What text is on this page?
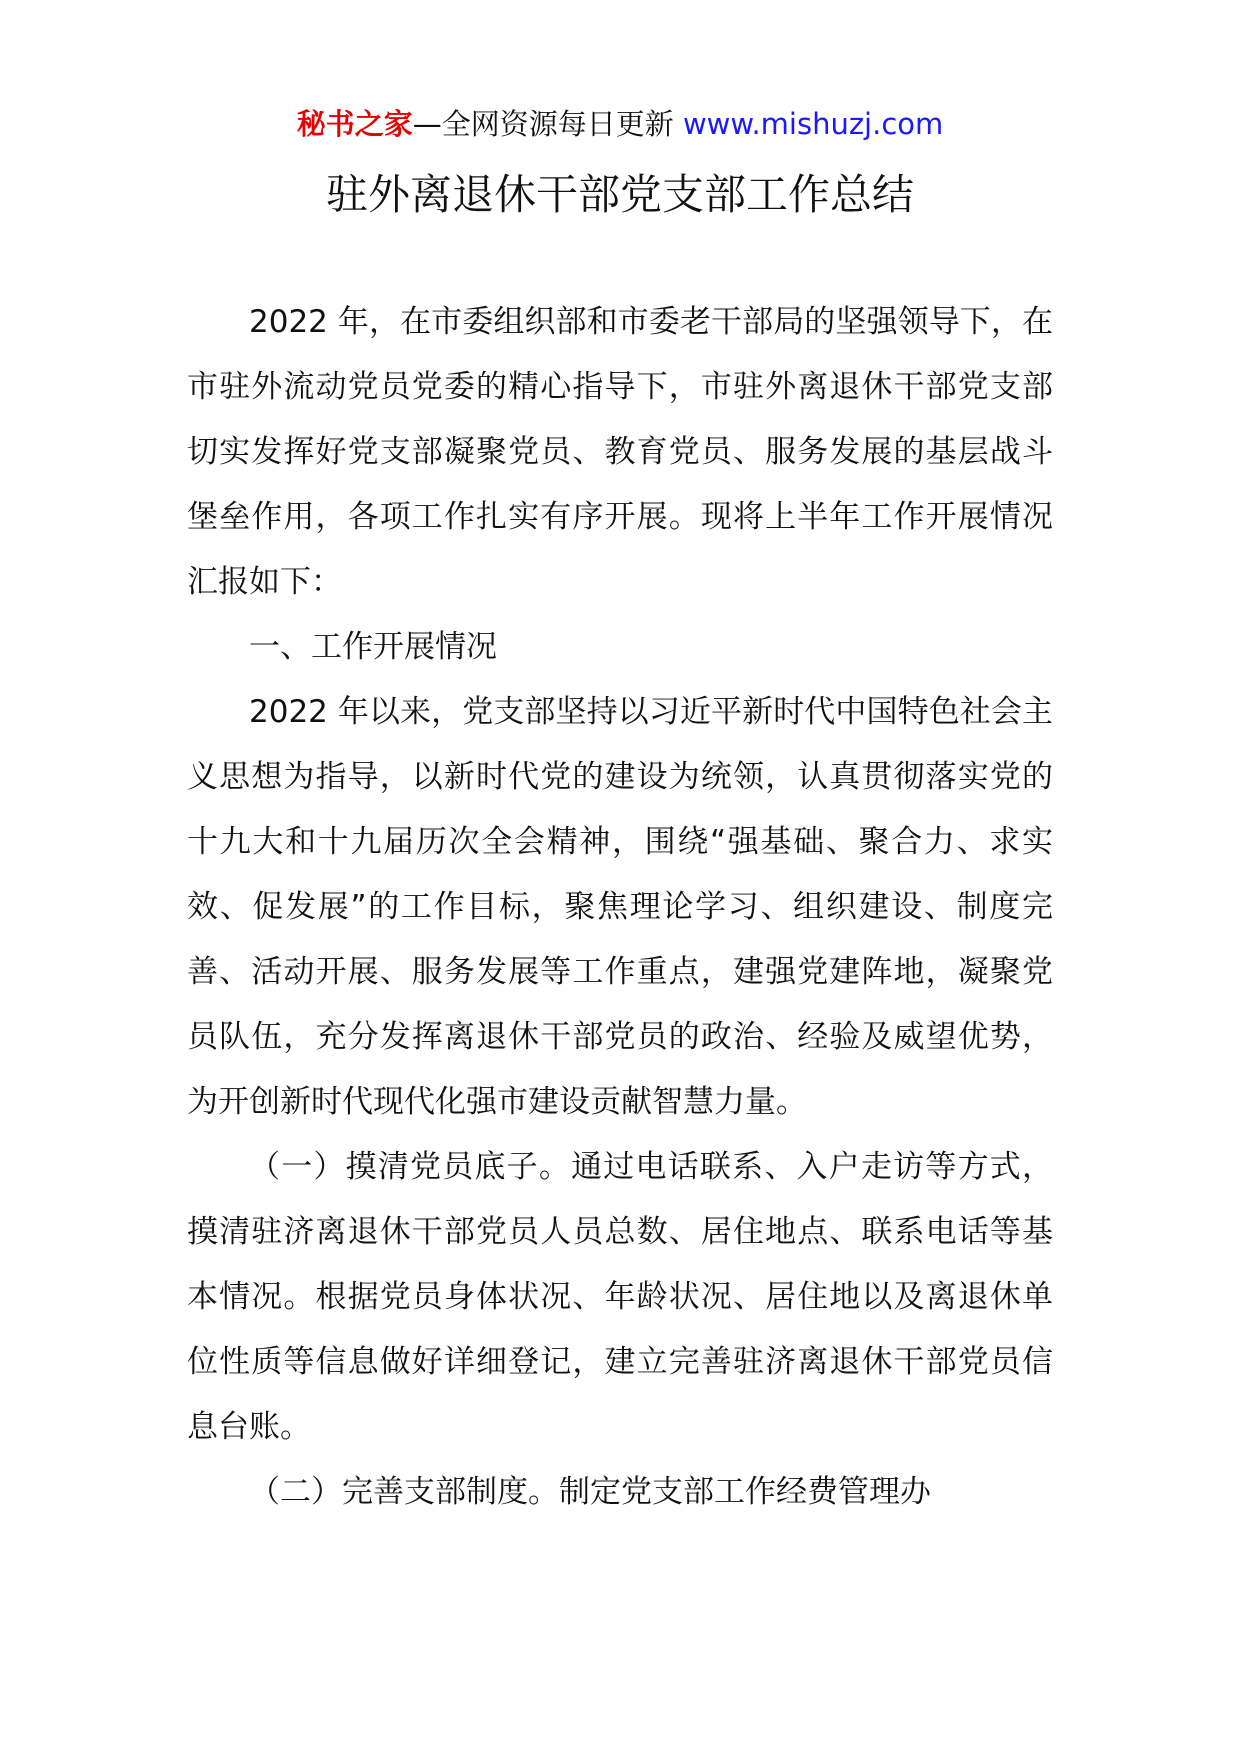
秘书之家—全网资源每日更新 www.mishuzj.com
驻外离退休干部党支部工作总结

2022 年，在市委组织部和市委老干部局的坚强领导下，在市驻外流动党员党委的精心指导下，市驻外离退休干部党支部切实发挥好党支部凝聚党员、教育党员、服务发展的基层战斗堡垒作用，各项工作扎实有序开展。现将上半年工作开展情况汇报如下：

一、工作开展情况

2022 年以来，党支部坚持以习近平新时代中国特色社会主义思想为指导，以新时代党的建设为统领，认真贯彻落实党的十九大和十九届历次全会精神，围绕“强基础、聚合力、求实效、促发展”的工作目标，聚焦理论学习、组织建设、制度完善、活动开展、服务发展等工作重点，建强党建阵地，凝聚党员队伍，充分发挥离退休干部党员的政治、经验及威望优势，为开创新时代现代化强市建设贡献智慧力量。

（一）摸清党员底子。通过电话联系、入户走访等方式，摸清驻济离退休干部党员人员总数、居住地点、联系电话等基本情况。根据党员身体状况、年龄状况、居住地以及离退休单位性质等信息做好详细登记，建立完善驻济离退休干部党员信息台账。

（二）完善支部制度。制定党支部工作经费管理办
